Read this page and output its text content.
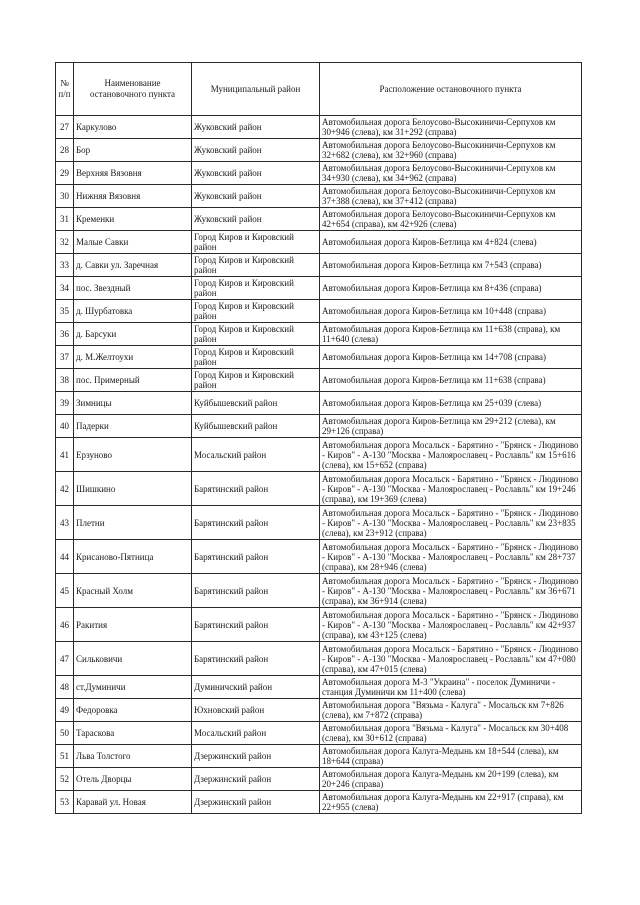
№ п/п	Наименование остановочного пункта	Муниципальный район	Расположение остановочного пункта
27	Каркулово	Жуковский район	Автомобильная дорога Белоусово-Высокиничи-Серпухов км 30+946 (слева), км 31+292 (справа)
28	Бор	Жуковский район	Автомобильная дорога Белоусово-Высокиничи-Серпухов км 32+682 (слева), км 32+960 (справа)
29	Верхняя Вязовня	Жуковский район	Автомобильная дорога Белоусово-Высокиничи-Серпухов км 34+930 (слева), км 34+962 (справа)
30	Нижняя Вязовня	Жуковский район	Автомобильная дорога Белоусово-Высокиничи-Серпухов км 37+388 (слева), км 37+412 (справа)
31	Кременки	Жуковский район	Автомобильная дорога Белоусово-Высокиничи-Серпухов км 42+654 (справа), км 42+926 (слева)
32	Малые Савки	Город Киров и Кировский район	Автомобильная дорога Киров-Бетлица км 4+824 (слева)
33	д. Савки ул. Заречная	Город Киров и Кировский район	Автомобильная дорога Киров-Бетлица км 7+543 (справа)
34	пос. Звездный	Город Киров и Кировский район	Автомобильная дорога Киров-Бетлица км 8+436 (справа)
35	д. Шурбатовка	Город Киров и Кировский район	Автомобильная дорога Киров-Бетлица км 10+448 (справа)
36	д. Барсуки	Город Киров и Кировский район	Автомобильная дорога Киров-Бетлица км 11+638 (справа), км 11+640 (слева)
37	д. М.Желтоухи	Город Киров и Кировский район	Автомобильная дорога Киров-Бетлица км 14+708 (справа)
38	пос. Примерный	Город Киров и Кировский район	Автомобильная дорога Киров-Бетлица км 11+638 (справа)
39	Зимницы	Куйбышевский район	Автомобильная дорога Киров-Бетлица км 25+039 (слева)
40	Падерки	Куйбышевский район	Автомобильная дорога Киров-Бетлица км 29+212 (слева), км 29+126 (справа)
41	Ерзуново	Мосальский район	Автомобильная дорога Мосальск - Барятино - "Брянск - Людиново - Киров" - А-130 "Москва - Малоярославец - Рославль" км 15+616 (слева), км 15+652 (справа)
42	Шишкино	Барятинский район	Автомобильная дорога Мосальск - Барятино - "Брянск - Людиново - Киров" - А-130 "Москва - Малоярославец - Рославль" км 19+246 (справа), км 19+369 (слева)
43	Плетни	Барятинский район	Автомобильная дорога Мосальск - Барятино - "Брянск - Людиново - Киров" - А-130 "Москва - Малоярославец - Рославль" км 23+835 (слева), км 23+912 (справа)
44	Крисаново-Пятница	Барятинский район	Автомобильная дорога Мосальск - Барятино - "Брянск - Людиново - Киров" - А-130 "Москва - Малоярославец - Рославль" км 28+737 (справа), км 28+946 (слева)
45	Красный Холм	Барятинский район	Автомобильная дорога Мосальск - Барятино - "Брянск - Людиново - Киров" - А-130 "Москва - Малоярославец - Рославль" км 36+671 (справа), км 36+914 (слева)
46	Ракития	Барятинский район	Автомобильная дорога Мосальск - Барятино - "Брянск - Людиново - Киров" - А-130 "Москва - Малоярославец - Рославль" км 42+937 (справа), км 43+125 (слева)
47	Сильковичи	Барятинский район	Автомобильная дорога Мосальск - Барятино - "Брянск - Людиново - Киров" - А-130 "Москва - Малоярославец - Рославль" км 47+080 (справа), км 47+015 (слева)
48	ст.Думиничи	Думиничский район	Автомобильная дорога М-3 "Украина" - поселок Думиничи - станция Думиничи км 11+400 (слева)
49	Федоровка	Юхновский район	Автомобильная дорога "Вязьма - Калуга" - Мосальск км 7+826 (слева), км 7+872 (справа)
50	Тараскова	Мосальский район	Автомобильная дорога "Вязьма - Калуга" - Мосальск км 30+408 (слева), км 30+612 (справа)
51	Льва Толстого	Дзержинский район	Автомобильная дорога Калуга-Медынь км 18+544 (слева), км 18+644 (справа)
52	Отель Дворцы	Дзержинский район	Автомобильная дорога Калуга-Медынь км 20+199 (слева), км 20+246 (справа)
53	Каравай ул. Новая	Дзержинский район	Автомобильная дорога Калуга-Медынь км 22+917 (справа), км 22+955 (слева)
